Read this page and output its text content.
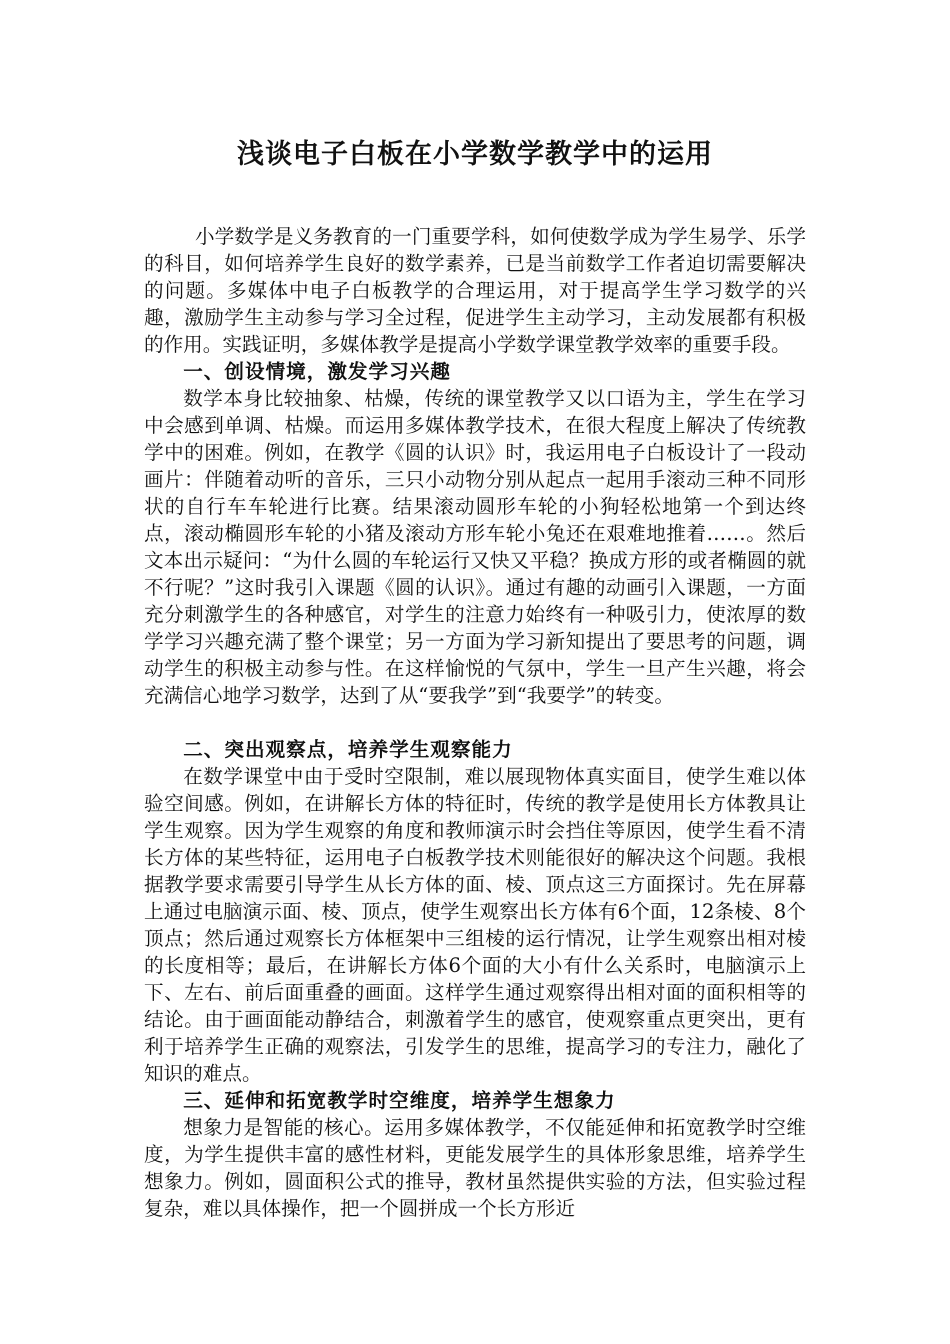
浅谈电子白板在小学数学教学中的运用

小学数学是义务教育的一门重要学科，如何使数学成为学生易学、乐学的科目，如何培养学生良好的数学素养，已是当前数学工作者迫切需要解决的问题。多媒体中电子白板教学的合理运用，对于提高学生学习数学的兴趣，激励学生主动参与学习全过程，促进学生主动学习，主动发展都有积极的作用。实践证明，多媒体教学是提高小学数学课堂教学效率的重要手段。

一、创设情境，激发学习兴趣

数学本身比较抽象、枯燥，传统的课堂教学又以口语为主，学生在学习中会感到单调、枯燥。而运用多媒体教学技术，在很大程度上解决了传统教学中的困难。例如，在教学《圆的认识》时，我运用电子白板设计了一段动画片：伴随着动听的音乐，三只小动物分别从起点一起用手滚动三种不同形状的自行车车轮进行比赛。结果滚动圆形车轮的小狗轻松地第一个到达终点，滚动椭圆形车轮的小猪及滚动方形车轮小兔还在艰难地推着……。然后文本出示疑问：“为什么圆的车轮运行又快又平稳？换成方形的或者椭圆的就不行呢？”这时我引入课题《圆的认识》。通过有趣的动画引入课题，一方面充分刺激学生的各种感官，对学生的注意力始终有一种吸引力，使浓厚的数学学习兴趣充满了整个课堂；另一方面为学习新知提出了要思考的问题，调动学生的积极主动参与性。在这样愉悦的气氛中，学生一旦产生兴趣，将会充满信心地学习数学，达到了从“要我学”到“我要学”的转变。

二、突出观察点，培养学生观察能力

在数学课堂中由于受时空限制，难以展现物体真实面目，使学生难以体验空间感。例如，在讲解长方体的特征时，传统的教学是使用长方体教具让学生观察。因为学生观察的角度和教师演示时会挡住等原因，使学生看不清长方体的某些特征，运用电子白板教学技术则能很好的解决这个问题。我根据教学要求需要引导学生从长方体的面、棱、顶点这三方面探讨。先在屏幕上通过电脑演示面、棱、顶点，使学生观察出长方体有6个面，12条棱、8个顶点；然后通过观察长方体框架中三组棱的运行情况，让学生观察出相对棱的长度相等；最后，在讲解长方体6个面的大小有什么关系时，电脑演示上下、左右、前后面重叠的画面。这样学生通过观察得出相对面的面积相等的结论。由于画面能动静结合，刺激着学生的感官，使观察重点更突出，更有利于培养学生正确的观察法，引发学生的思维，提高学习的专注力，融化了知识的难点。

三、延伸和拓宽教学时空维度，培养学生想象力

想象力是智能的核心。运用多媒体教学，不仅能延伸和拓宽教学时空维度，为学生提供丰富的感性材料，更能发展学生的具体形象思维，培养学生想象力。例如，圆面积公式的推导，教材虽然提供实验的方法，但实验过程复杂，难以具体操作，把一个圆拼成一个长方形近
